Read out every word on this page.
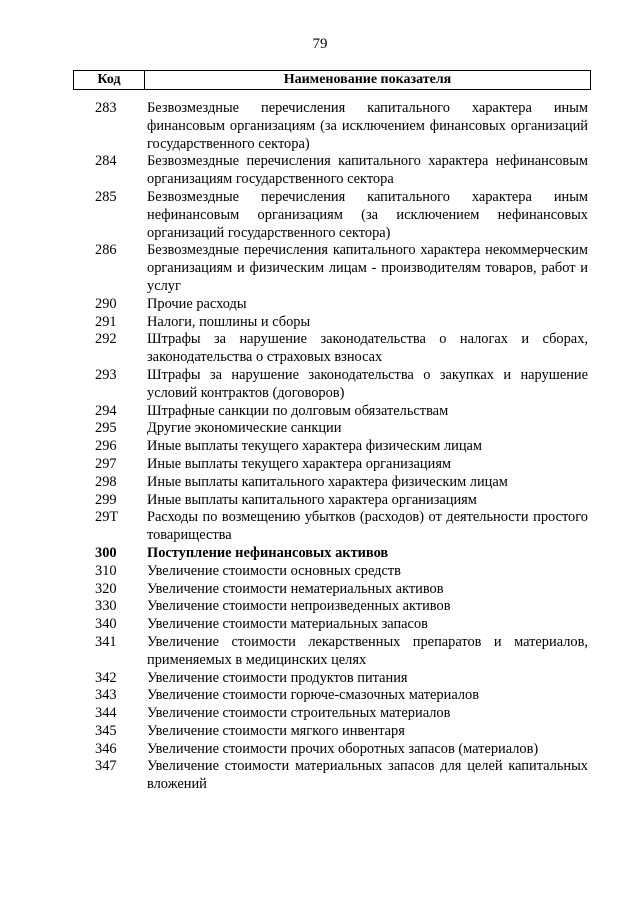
79
Код	Наименование показателя
283	Безвозмездные перечисления капитального характера иным финансовым организациям (за исключением финансовых организаций государственного сектора)
284	Безвозмездные перечисления капитального характера нефинансовым организациям государственного сектора
285	Безвозмездные перечисления капитального характера иным нефинансовым организациям (за исключением нефинансовых организаций государственного сектора)
286	Безвозмездные перечисления капитального характера некоммерческим организациям и физическим лицам - производителям товаров, работ и услуг
290	Прочие расходы
291	Налоги, пошлины и сборы
292	Штрафы за нарушение законодательства о налогах и сборах, законодательства о страховых взносах
293	Штрафы за нарушение законодательства о закупках и нарушение условий контрактов (договоров)
294	Штрафные санкции по долговым обязательствам
295	Другие экономические санкции
296	Иные выплаты текущего характера физическим лицам
297	Иные выплаты текущего характера организациям
298	Иные выплаты капитального характера физическим лицам
299	Иные выплаты капитального характера организациям
29Т	Расходы по возмещению убытков (расходов) от деятельности простого товарищества
300	Поступление нефинансовых активов
310	Увеличение стоимости основных средств
320	Увеличение стоимости нематериальных активов
330	Увеличение стоимости непроизведенных активов
340	Увеличение стоимости материальных запасов
341	Увеличение стоимости лекарственных препаратов и материалов, применяемых в медицинских целях
342	Увеличение стоимости продуктов питания
343	Увеличение стоимости горюче-смазочных материалов
344	Увеличение стоимости строительных материалов
345	Увеличение стоимости мягкого инвентаря
346	Увеличение стоимости прочих оборотных запасов (материалов)
347	Увеличение стоимости материальных запасов для целей капитальных вложений
